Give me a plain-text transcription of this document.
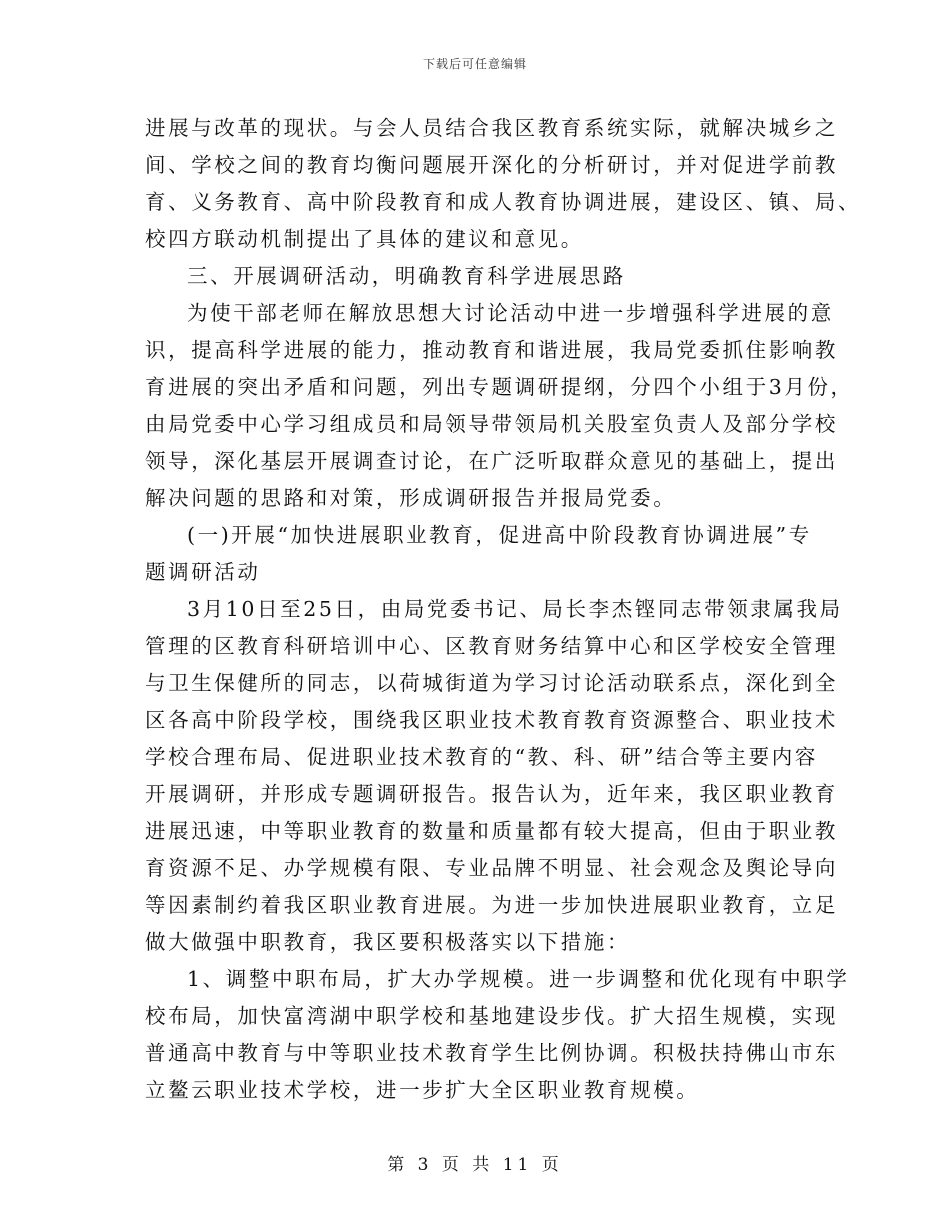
下载后可任意编辑
进展与改革的现状。与会人员结合我区教育系统实际，就解决城乡之
间、学校之间的教育均衡问题展开深化的分析研讨，并对促进学前教
育、义务教育、高中阶段教育和成人教育协调进展，建设区、镇、局、
校四方联动机制提出了具体的建议和意见。
三、开展调研活动，明确教育科学进展思路
为使干部老师在解放思想大讨论活动中进一步增强科学进展的意
识，提高科学进展的能力，推动教育和谐进展，我局党委抓住影响教
育进展的突出矛盾和问题，列出专题调研提纲，分四个小组于3月份，
由局党委中心学习组成员和局领导带领局机关股室负责人及部分学校
领导，深化基层开展调查讨论，在广泛听取群众意见的基础上，提出
解决问题的思路和对策，形成调研报告并报局党委。
(一)开展“加快进展职业教育，促进高中阶段教育协调进展”专
题调研活动
3月10日至25日，由局党委书记、局长李杰铿同志带领隶属我局
管理的区教育科研培训中心、区教育财务结算中心和区学校安全管理
与卫生保健所的同志，以荷城街道为学习讨论活动联系点，深化到全
区各高中阶段学校，围绕我区职业技术教育教育资源整合、职业技术
学校合理布局、促进职业技术教育的“教、科、研”结合等主要内容
开展调研，并形成专题调研报告。报告认为，近年来，我区职业教育
进展迅速，中等职业教育的数量和质量都有较大提高，但由于职业教
育资源不足、办学规模有限、专业品牌不明显、社会观念及舆论导向
等因素制约着我区职业教育进展。为进一步加快进展职业教育，立足
做大做强中职教育，我区要积极落实以下措施：
1、调整中职布局，扩大办学规模。进一步调整和优化现有中职学
校布局，加快富湾湖中职学校和基地建设步伐。扩大招生规模，实现
普通高中教育与中等职业技术教育学生比例协调。积极扶持佛山市东
立鳌云职业技术学校，进一步扩大全区职业教育规模。
第 3 页 共 11 页
